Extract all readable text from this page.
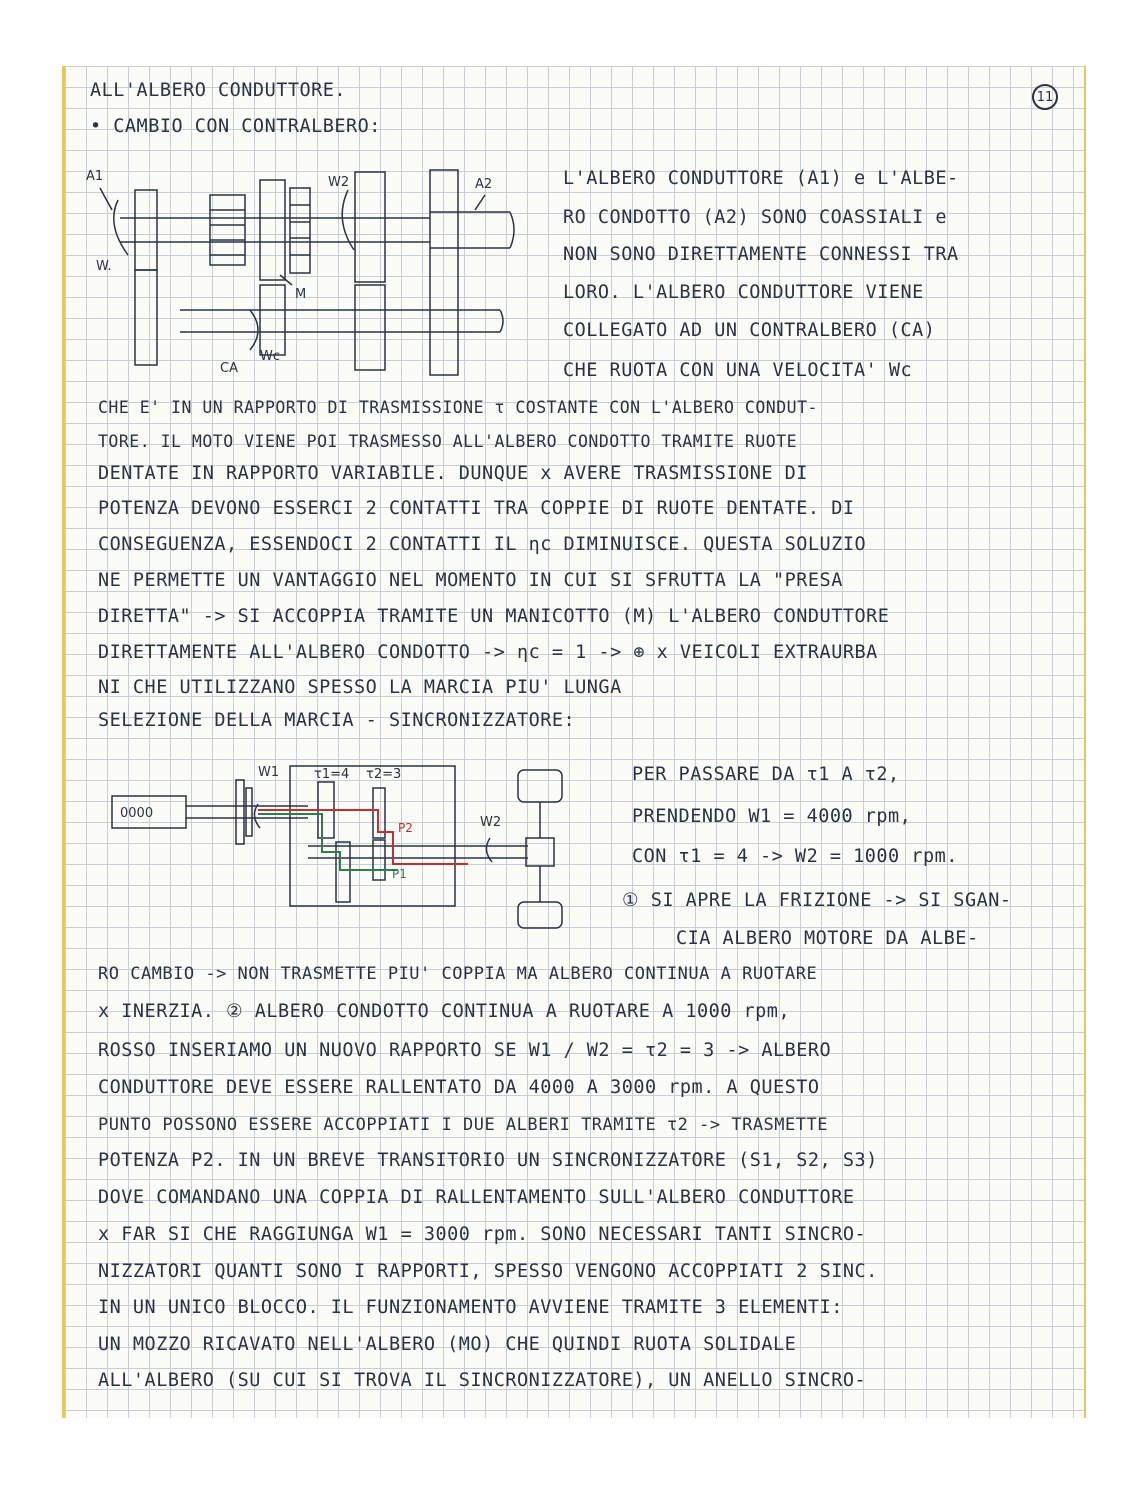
11

ALL'ALBERO CONDUTTORE.

• CAMBIO CON CONTRALBERO:

A1
A2
W.
W2
M
CA
Wc

L'ALBERO CONDUTTORE (A1) e L'ALBE-

RO CONDOTTO (A2) SONO COASSIALI e

NON SONO DIRETTAMENTE CONNESSI TRA

LORO. L'ALBERO CONDUTTORE VIENE

COLLEGATO AD UN CONTRALBERO (CA)

CHE RUOTA CON UNA VELOCITA' Wc

CHE E' IN UN RAPPORTO DI TRASMISSIONE τ COSTANTE CON L'ALBERO CONDUT-

TORE. IL MOTO VIENE POI TRASMESSO ALL'ALBERO CONDOTTO TRAMITE RUOTE

DENTATE IN RAPPORTO VARIABILE. DUNQUE x AVERE TRASMISSIONE DI

POTENZA DEVONO ESSERCI 2 CONTATTI TRA COPPIE DI RUOTE DENTATE. DI

CONSEGUENZA, ESSENDOCI 2 CONTATTI IL ηc DIMINUISCE. QUESTA SOLUZIO

NE PERMETTE UN VANTAGGIO NEL MOMENTO IN CUI SI SFRUTTA LA "PRESA

DIRETTA" -> SI ACCOPPIA TRAMITE UN MANICOTTO (M) L'ALBERO CONDUTTORE

DIRETTAMENTE ALL'ALBERO CONDOTTO -> ηc = 1 -> ⊕ x VEICOLI EXTRAURBA

NI CHE UTILIZZANO SPESSO LA MARCIA PIU' LUNGA

SELEZIONE DELLA MARCIA - SINCRONIZZATORE:

W1	τ1=4 τ2=3
P2
P1
W2
0000

PER PASSARE DA τ1 A τ2,

PRENDENDO W1 = 4000 rpm,

CON τ1 = 4 -> W2 = 1000 rpm.

① SI APRE LA FRIZIONE -> SI SGAN-

CIA ALBERO MOTORE DA ALBE-

RO CAMBIO -> NON TRASMETTE PIU' COPPIA MA ALBERO CONTINUA A RUOTARE

x INERZIA. ② ALBERO CONDOTTO CONTINUA A RUOTARE A 1000 rpm,

ROSSO INSERIAMO UN NUOVO RAPPORTO SE W1 / W2 = τ2 = 3 -> ALBERO

CONDUTTORE DEVE ESSERE RALLENTATO DA 4000 A 3000 rpm. A QUESTO

PUNTO POSSONO ESSERE ACCOPPIATI I DUE ALBERI TRAMITE τ2 -> TRASMETTE

POTENZA P2. IN UN BREVE TRANSITORIO UN SINCRONIZZATORE (S1, S2, S3)

DOVE COMANDANO UNA COPPIA DI RALLENTAMENTO SULL'ALBERO CONDUTTORE

x FAR SI CHE RAGGIUNGA W1 = 3000 rpm. SONO NECESSARI TANTI SINCRO-

NIZZATORI QUANTI SONO I RAPPORTI, SPESSO VENGONO ACCOPPIATI 2 SINC.

IN UN UNICO BLOCCO. IL FUNZIONAMENTO AVVIENE TRAMITE 3 ELEMENTI:

UN MOZZO RICAVATO NELL'ALBERO (MO) CHE QUINDI RUOTA SOLIDALE

ALL'ALBERO (SU CUI SI TROVA IL SINCRONIZZATORE), UN ANELLO SINCRO-
